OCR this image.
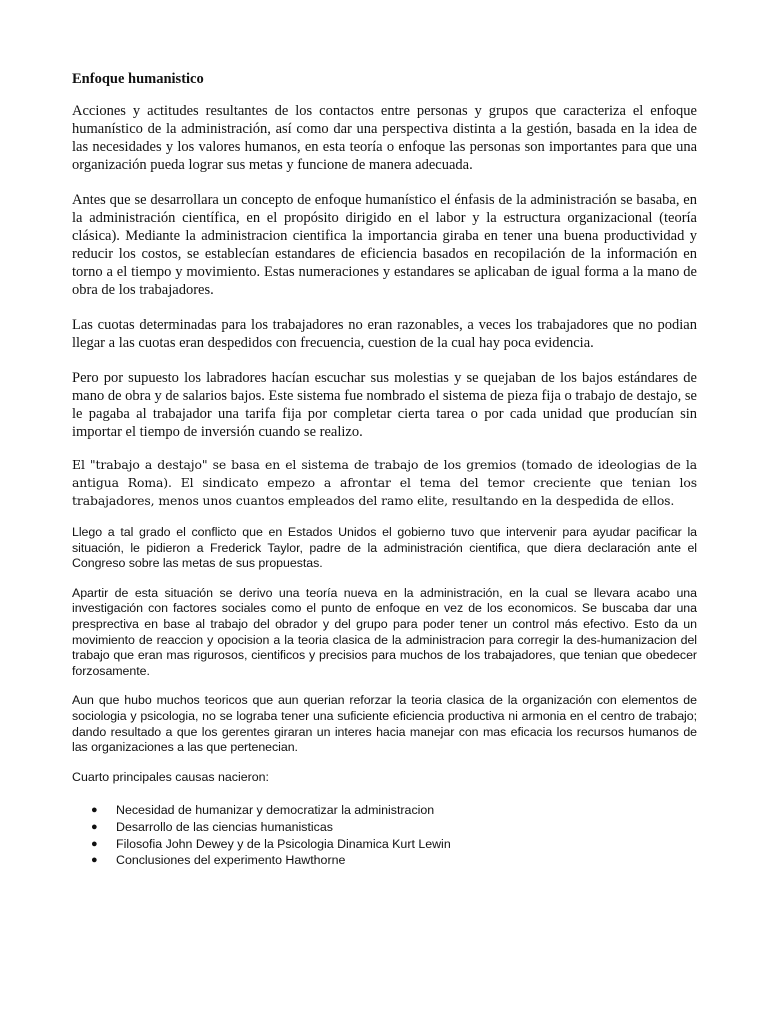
Enfoque humanistico

Acciones y actitudes resultantes de los contactos entre personas y grupos que caracteriza el enfoque humanístico de la administración, así como dar una perspectiva distinta a la gestión, basada en la idea de las necesidades y los valores humanos, en esta teoría o enfoque las personas son importantes para que una organización pueda lograr sus metas y funcione de manera adecuada.

Antes que se desarrollara un concepto de enfoque humanístico el énfasis de la administración se basaba, en la administración científica, en el propósito dirigido en el labor y la estructura organizacional (teoría clásica). Mediante la administracion cientifica la importancia giraba en tener una buena productividad y reducir los costos, se establecían estandares de eficiencia basados en recopilación de la información en torno a el tiempo y movimiento. Estas numeraciones y estandares se aplicaban de igual forma a la mano de obra de los trabajadores.

Las cuotas determinadas para los trabajadores no eran razonables, a veces los trabajadores que no podian llegar a las cuotas eran despedidos con frecuencia, cuestion de la cual hay poca evidencia.

Pero por supuesto los labradores hacían escuchar sus molestias y se quejaban de los bajos estándares de mano de obra y de salarios bajos. Este sistema fue nombrado el sistema de pieza fija o trabajo de destajo, se le pagaba al trabajador una tarifa fija por completar cierta tarea o por cada unidad que producían sin importar el tiempo de inversión cuando se realizo.

El "trabajo a destajo" se basa en el sistema de trabajo de los gremios (tomado de ideologias de la antigua Roma). El sindicato empezo a afrontar el tema del temor creciente que tenian los trabajadores, menos unos cuantos empleados del ramo elite, resultando en la despedida de ellos.

Llego a tal grado el conflicto que en Estados Unidos el gobierno tuvo que intervenir para ayudar pacificar la situación, le pidieron a Frederick Taylor, padre de la administración cientifica, que diera declaración ante el Congreso sobre las metas de sus propuestas.

Apartir de esta situación se derivo una teoría nueva en la administración, en la cual se llevara acabo una investigación con factores sociales como el punto de enfoque en vez de los economicos. Se buscaba dar una presprectiva en base al trabajo del obrador y del grupo para poder tener un control más efectivo. Esto da un movimiento de reaccion y opocision a la teoria clasica de la administracion para corregir la des-humanizacion del trabajo que eran mas rigurosos, cientificos y precisios para muchos de los trabajadores, que tenian que obedecer forzosamente.

Aun que hubo muchos teoricos que aun querian reforzar la teoria clasica de la organización con elementos de sociologia y psicologia, no se lograba tener una suficiente eficiencia productiva ni armonia en el centro de trabajo; dando resultado a que los gerentes giraran un interes hacia manejar con mas eficacia los recursos humanos de las organizaciones a las que pertenecian.

Cuarto principales causas nacieron:
● Necesidad de humanizar y democratizar la administracion
● Desarrollo de las ciencias humanisticas
● Filosofia John Dewey y de la Psicologia Dinamica Kurt Lewin
● Conclusiones del experimento Hawthorne
